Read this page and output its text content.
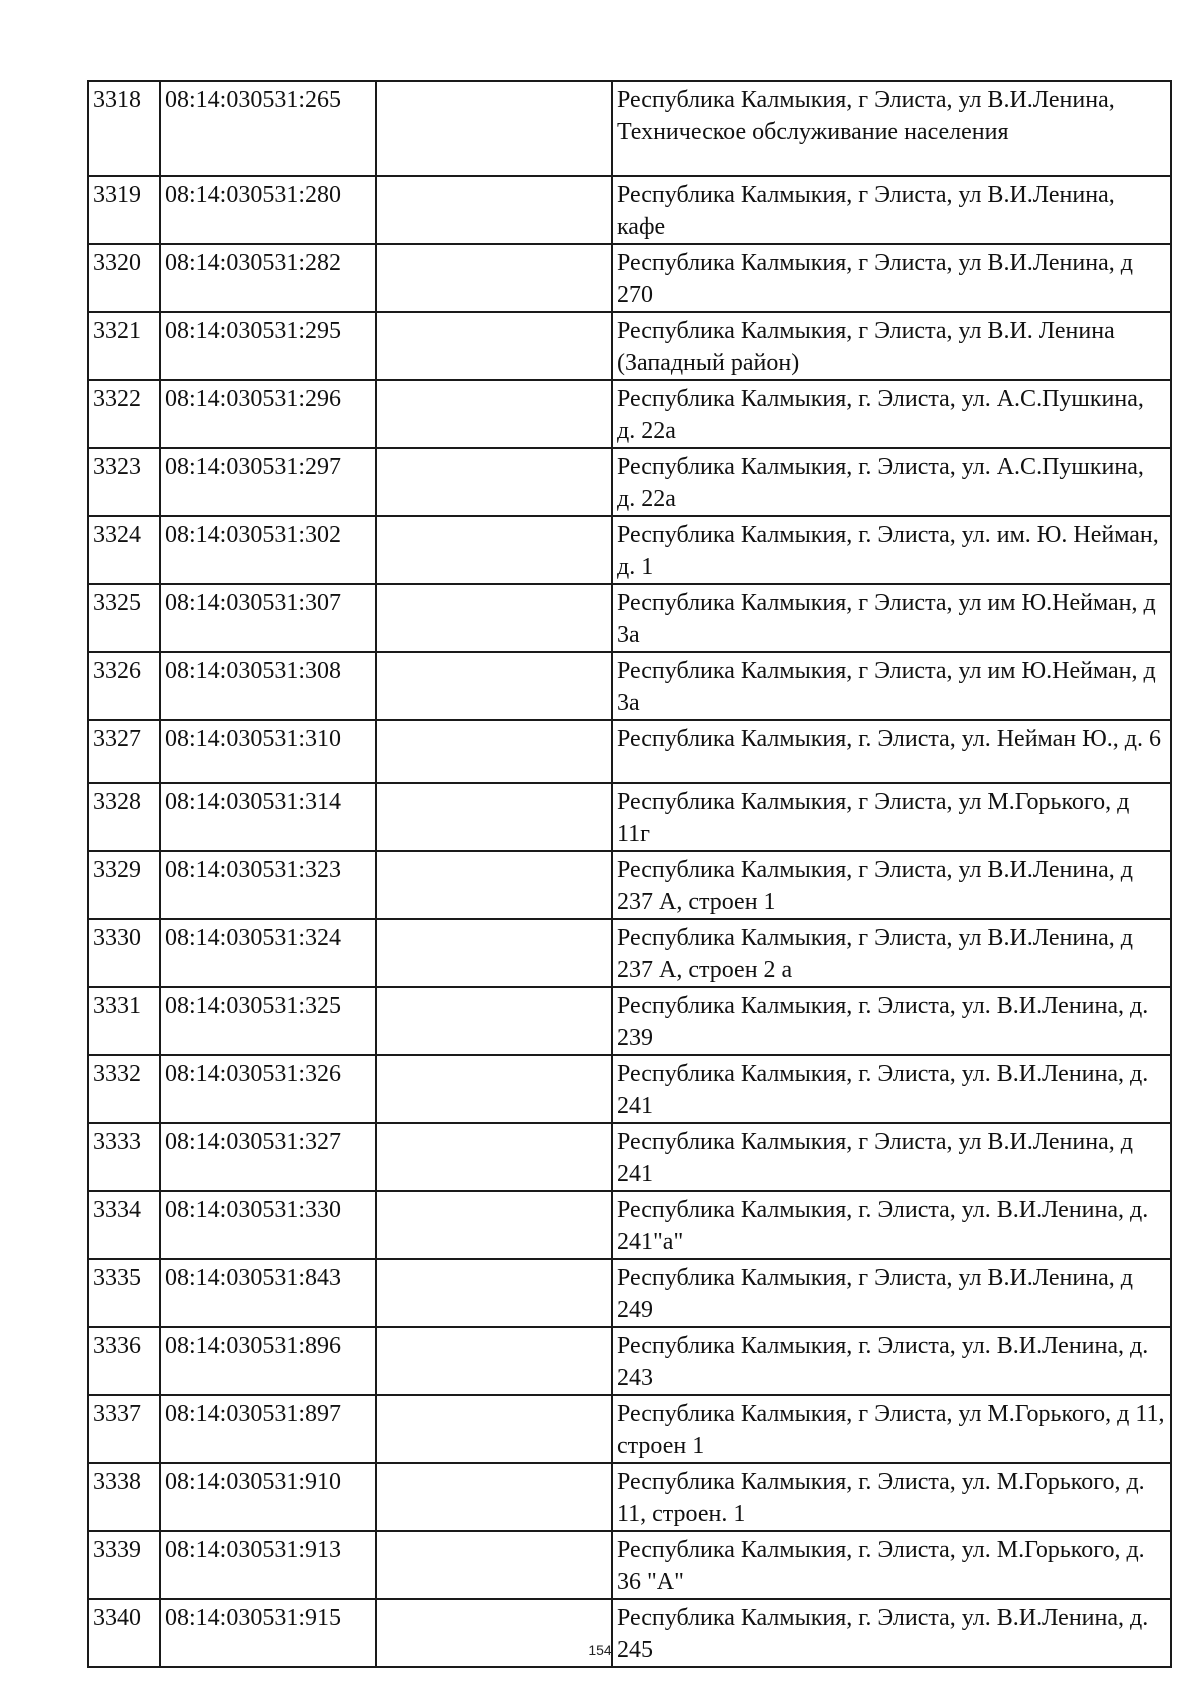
3318	08:14:030531:265		Республика Калмыкия, г Элиста, ул В.И.Ленина, Техническое обслуживание населения
3319	08:14:030531:280		Республика Калмыкия, г Элиста, ул В.И.Ленина, кафе
3320	08:14:030531:282		Республика Калмыкия, г Элиста, ул В.И.Ленина, д 270
3321	08:14:030531:295		Республика Калмыкия, г Элиста, ул В.И. Ленина (Западный район)
3322	08:14:030531:296		Республика Калмыкия, г. Элиста, ул. А.С.Пушкина, д. 22а
3323	08:14:030531:297		Республика Калмыкия, г. Элиста, ул. А.С.Пушкина, д. 22а
3324	08:14:030531:302		Республика Калмыкия, г. Элиста, ул. им. Ю. Нейман, д. 1
3325	08:14:030531:307		Республика Калмыкия, г Элиста, ул им Ю.Нейман, д 3а
3326	08:14:030531:308		Республика Калмыкия, г Элиста, ул им Ю.Нейман, д 3а
3327	08:14:030531:310		Республика Калмыкия, г. Элиста, ул. Нейман Ю., д. 6
3328	08:14:030531:314		Республика Калмыкия, г Элиста, ул М.Горького, д 11г
3329	08:14:030531:323		Республика Калмыкия, г Элиста, ул В.И.Ленина, д 237 А, строен 1
3330	08:14:030531:324		Республика Калмыкия, г Элиста, ул В.И.Ленина, д 237 А, строен 2 а
3331	08:14:030531:325		Республика Калмыкия, г. Элиста, ул. В.И.Ленина, д. 239
3332	08:14:030531:326		Республика Калмыкия, г. Элиста, ул. В.И.Ленина, д. 241
3333	08:14:030531:327		Республика Калмыкия, г Элиста, ул В.И.Ленина, д 241
3334	08:14:030531:330		Республика Калмыкия, г. Элиста, ул. В.И.Ленина, д. 241"а"
3335	08:14:030531:843		Республика Калмыкия, г Элиста, ул В.И.Ленина, д 249
3336	08:14:030531:896		Республика Калмыкия, г. Элиста, ул. В.И.Ленина, д. 243
3337	08:14:030531:897		Республика Калмыкия, г Элиста, ул М.Горького, д 11, строен 1
3338	08:14:030531:910		Республика Калмыкия, г. Элиста, ул. М.Горького, д. 11, строен. 1
3339	08:14:030531:913		Республика Калмыкия, г. Элиста, ул. М.Горького, д. 36 "А"
3340	08:14:030531:915		Республика Калмыкия, г. Элиста, ул. В.И.Ленина, д. 245
154
